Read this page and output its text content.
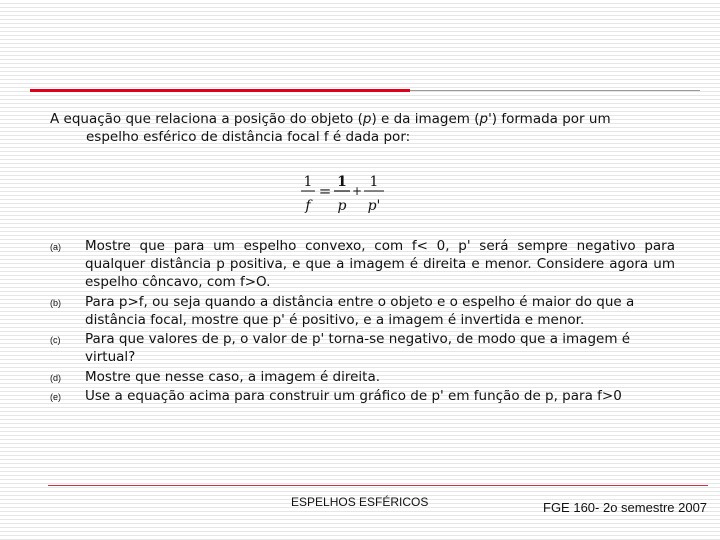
A equação que relaciona a posição do objeto (p) e da imagem (p') formada por um
espelho esférico de distância focal f é dada por:
1
f
= 1
p
+
1
p'
(a) Mostre que para um espelho convexo, com f< 0, p' será sempre negativo para qualquer distância p positiva, e que a imagem é direita e menor. Considere agora um espelho côncavo, com f>O.
(b) Para p>f, ou seja quando a distância entre o objeto e o espelho é maior do que a distância focal, mostre que p' é positivo, e a imagem é invertida e menor.
(c) Para que valores de p, o valor de p' torna-se negativo, de modo que a imagem é virtual?
(d) Mostre que nesse caso, a imagem é direita.
(e) Use a equação acima para construir um gráfico de p' em função de p, para f>0
ESPELHOS ESFÉRICOS	FGE 160- 2o semestre 2007
